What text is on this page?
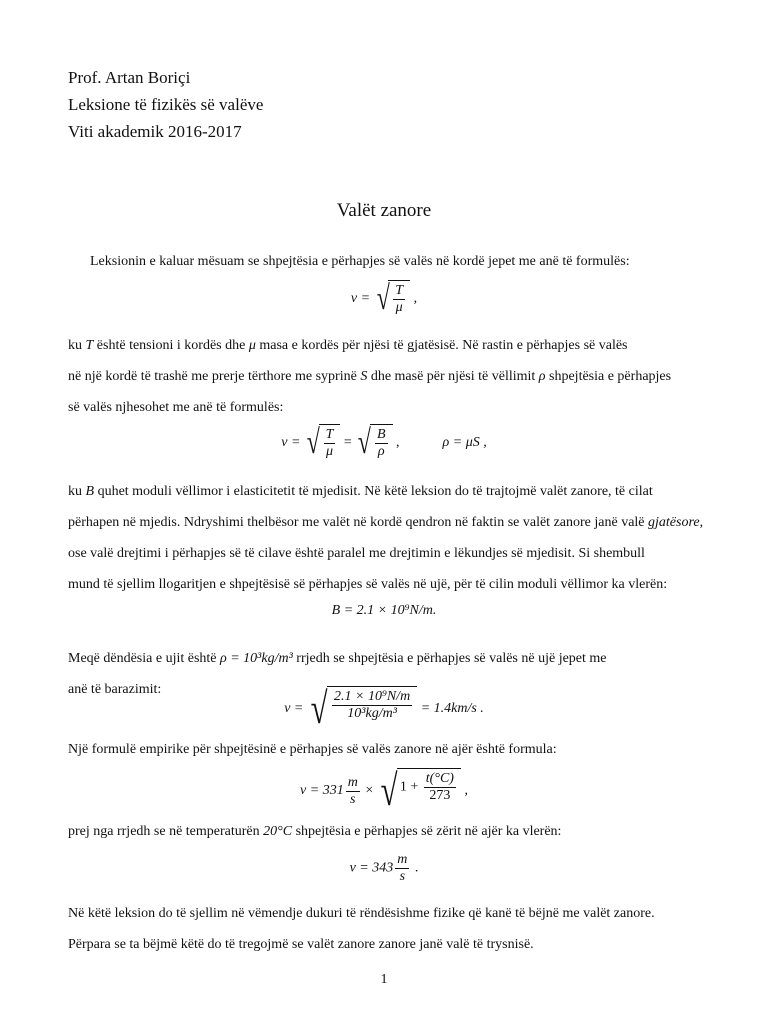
Prof. Artan Boriçi
Leksione të fizikës së valëve
Viti akademik 2016-2017
Valët zanore
Leksionin e kaluar mësuam se shpejtësia e përhapjes së valës në kordë jepet me anë të formulës:
v = √ $\frac{T}{\mu}$ ,
ku T është tensioni i kordës dhe μ masa e kordës për njësi të gjatësisë. Në rastin e përhapjes së valës
në një kordë të trashë me prerje tërthore me syprinë S dhe masë për njësi të vëllimit ρ shpejtësia e përhapjes
së valës njhesohet me anë të formulës:
v = √ $\frac{T}{\mu}$ = √ $\frac{B}{\rho}$ ,	ρ = μS ,
ku B quhet moduli vëllimor i elasticitetit të mjedisit. Në këtë leksion do të trajtojmë valët zanore, të cilat
përhapen në mjedis. Ndryshimi thelbësor me valët në kordë qendron në faktin se valët zanore janë valë gjatësore,
ose valë drejtimi i përhapjes së të cilave është paralel me drejtimin e lëkundjes së mjedisit. Si shembull
mund të sjellim llogaritjen e shpejtësisë së përhapjes së valës në ujë, për të cilin moduli vëllimor ka vlerën:
B = 2.1 × 10⁹N/m.
Meqë dëndësia e ujit është ρ = 10³kg/m³ rrjedh se shpejtësia e përhapjes së valës në ujë jepet me
anë të barazimit:
v = √ $\frac{\text{2.1 × 10⁹N/m}}{\text{10³kg/m³}} = 1.4km/s$ .
Një formulë empirike për shpejtësinë e përhapjes së valës zanore në ajër është formula:
$v = 331 \frac{m}{s}$ × √ $1 + \frac{t(^\circ C)}{273}$ ,
prej nga rrjedh se në temperaturën 20°C shpejtësia e përhapjes së zërit në ajër ka vlerën:
$v = 343 \frac{m}{s}$ .
Në këtë leksion do të sjellim në vëmendje dukuri të rëndësishme fizike që kanë të bëjnë me valët zanore.
Përpara se ta bëjmë këtë do të tregojmë se valët zanore zanore janë valë të trysnisë.
1
